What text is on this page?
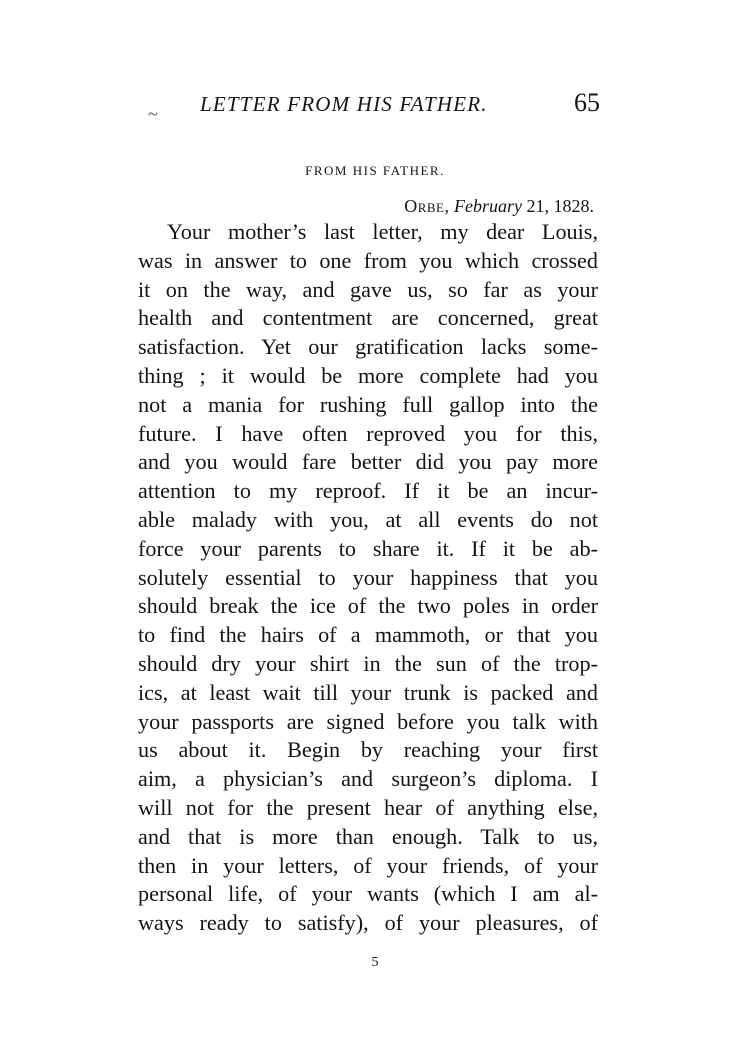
~ LETTER FROM HIS FATHER.	65
FROM HIS FATHER.
Orbe, February 21, 1828.
Your mother’s last letter, my dear Louis,
was in answer to one from you which crossed
it on the way, and gave us, so far as your
health and contentment are concerned, great
satisfaction. Yet our gratification lacks some-
thing ; it would be more complete had you
not a mania for rushing full gallop into the
future. I have often reproved you for this,
and you would fare better did you pay more
attention to my reproof. If it be an incur-
able malady with you, at all events do not
force your parents to share it. If it be ab-
solutely essential to your happiness that you
should break the ice of the two poles in order
to find the hairs of a mammoth, or that you
should dry your shirt in the sun of the trop-
ics, at least wait till your trunk is packed and
your passports are signed before you talk with
us about it. Begin by reaching your first
aim, a physician’s and surgeon’s diploma. I
will not for the present hear of anything else,
and that is more than enough. Talk to us,
then in your letters, of your friends, of your
personal life, of your wants (which I am al-
ways ready to satisfy), of your pleasures, of
5
